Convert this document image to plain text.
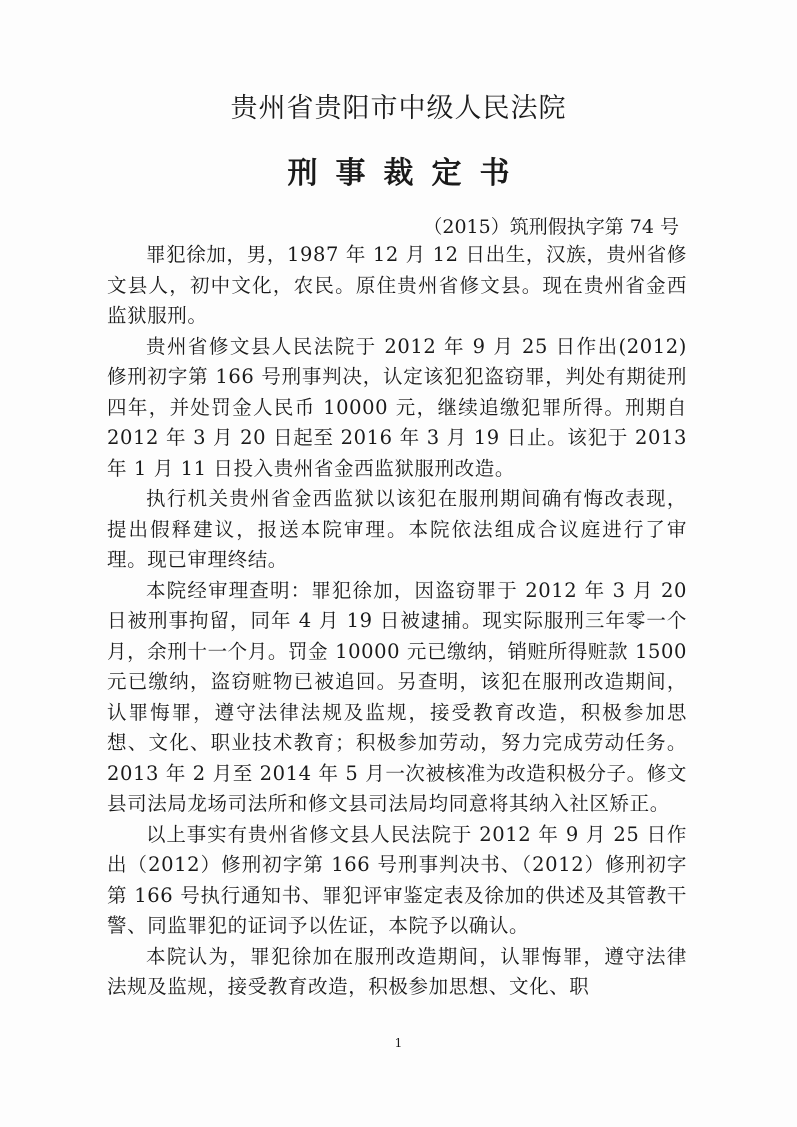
贵州省贵阳市中级人民法院
刑事裁定书

（2015）筑刑假执字第 74 号

罪犯徐加，男，1987 年 12 月 12 日出生，汉族，贵州省修文县人，初中文化，农民。原住贵州省修文县。现在贵州省金西监狱服刑。

贵州省修文县人民法院于 2012 年 9 月 25 日作出(2012)修刑初字第 166 号刑事判决，认定该犯犯盗窃罪，判处有期徒刑四年，并处罚金人民币 10000 元，继续追缴犯罪所得。刑期自 2012 年 3 月 20 日起至 2016 年 3 月 19 日止。该犯于 2013 年 1 月 11 日投入贵州省金西监狱服刑改造。

执行机关贵州省金西监狱以该犯在服刑期间确有悔改表现，提出假释建议，报送本院审理。本院依法组成合议庭进行了审理。现已审理终结。

本院经审理查明：罪犯徐加，因盗窃罪于 2012 年 3 月 20 日被刑事拘留，同年 4 月 19 日被逮捕。现实际服刑三年零一个月，余刑十一个月。罚金 10000 元已缴纳，销赃所得赃款 1500 元已缴纳，盗窃赃物已被追回。另查明，该犯在服刑改造期间，认罪悔罪，遵守法律法规及监规，接受教育改造，积极参加思想、文化、职业技术教育；积极参加劳动，努力完成劳动任务。2013 年 2 月至 2014 年 5 月一次被核准为改造积极分子。修文县司法局龙场司法所和修文县司法局均同意将其纳入社区矫正。

以上事实有贵州省修文县人民法院于 2012 年 9 月 25 日作出（2012）修刑初字第 166 号刑事判决书、（2012）修刑初字第 166 号执行通知书、罪犯评审鉴定表及徐加的供述及其管教干警、同监罪犯的证词予以佐证，本院予以确认。

本院认为，罪犯徐加在服刑改造期间，认罪悔罪，遵守法律法规及监规，接受教育改造，积极参加思想、文化、职

1
